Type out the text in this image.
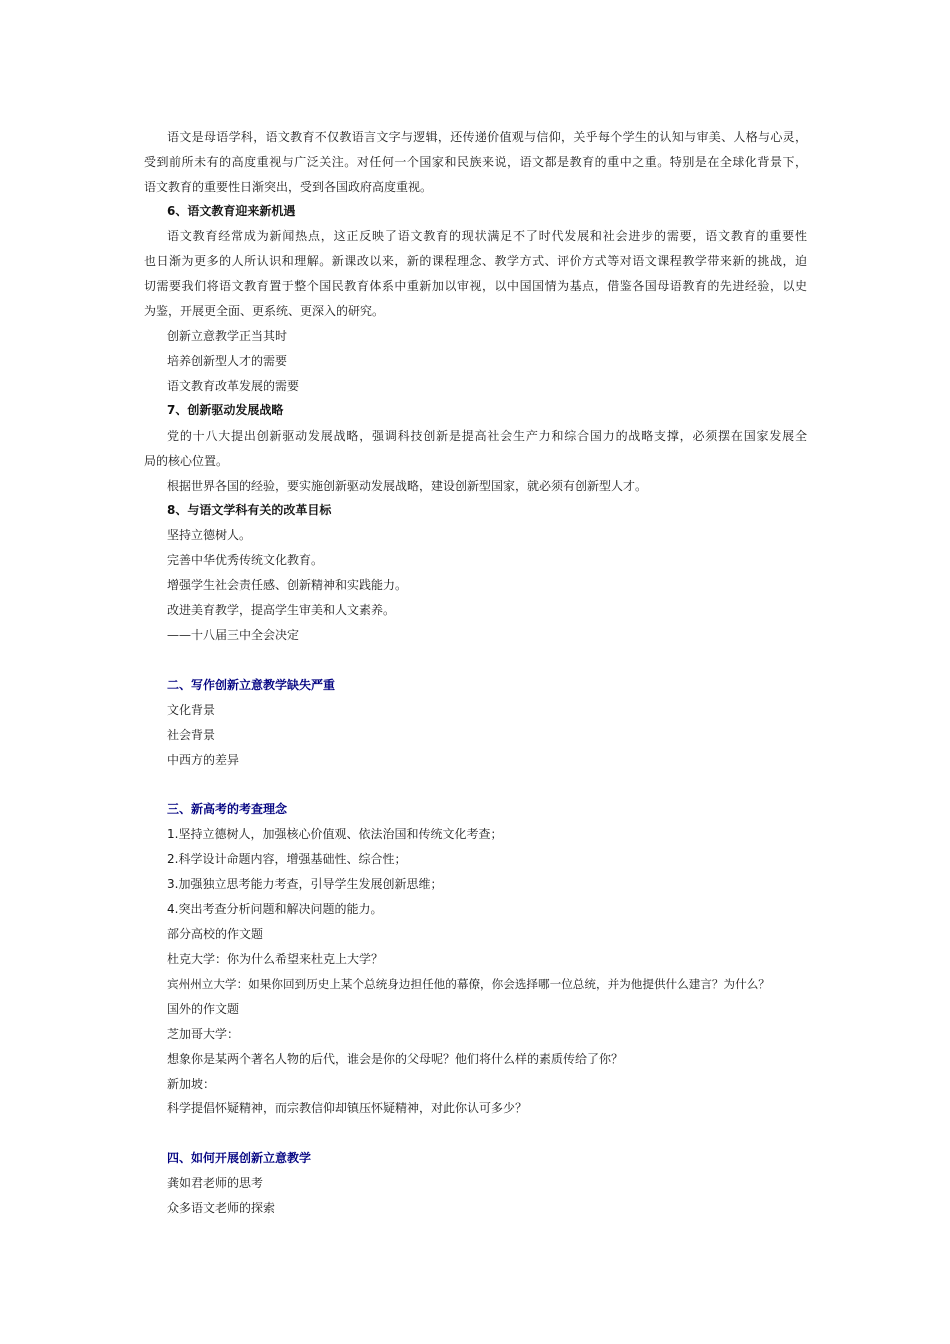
语文是母语学科，语文教育不仅教语言文字与逻辑，还传递价值观与信仰，关乎每个学生的认知与审美、人格与心灵，
受到前所未有的高度重视与广泛关注。对任何一个国家和民族来说，语文都是教育的重中之重。特别是在全球化背景下，
语文教育的重要性日渐突出，受到各国政府高度重视。
6、语文教育迎来新机遇
语文教育经常成为新闻热点，这正反映了语文教育的现状满足不了时代发展和社会进步的需要，语文教育的重要性
也日渐为更多的人所认识和理解。新课改以来，新的课程理念、教学方式、评价方式等对语文课程教学带来新的挑战，迫
切需要我们将语文教育置于整个国民教育体系中重新加以审视，以中国国情为基点，借鉴各国母语教育的先进经验，以史
为鉴，开展更全面、更系统、更深入的研究。
创新立意教学正当其时
培养创新型人才的需要
语文教育改革发展的需要
7、创新驱动发展战略
党的十八大提出创新驱动发展战略，强调科技创新是提高社会生产力和综合国力的战略支撑，必须摆在国家发展全
局的核心位置。
根据世界各国的经验，要实施创新驱动发展战略，建设创新型国家，就必须有创新型人才。
8、与语文学科有关的改革目标
坚持立德树人。
完善中华优秀传统文化教育。
增强学生社会责任感、创新精神和实践能力。
改进美育教学，提高学生审美和人文素养。
——十八届三中全会决定
二、写作创新立意教学缺失严重
文化背景
社会背景
中西方的差异
三、新高考的考查理念
1.坚持立德树人，加强核心价值观、依法治国和传统文化考查；
2.科学设计命题内容，增强基础性、综合性；
3.加强独立思考能力考查，引导学生发展创新思维；
4.突出考查分析问题和解决问题的能力。
部分高校的作文题
杜克大学：你为什么希望来杜克上大学？
宾州州立大学：如果你回到历史上某个总统身边担任他的幕僚，你会选择哪一位总统，并为他提供什么建言？为什么？
国外的作文题
芝加哥大学：
想象你是某两个著名人物的后代，谁会是你的父母呢？他们将什么样的素质传给了你？
新加坡：
科学提倡怀疑精神，而宗教信仰却镇压怀疑精神，对此你认可多少？
四、如何开展创新立意教学
龚如君老师的思考
众多语文老师的探索
